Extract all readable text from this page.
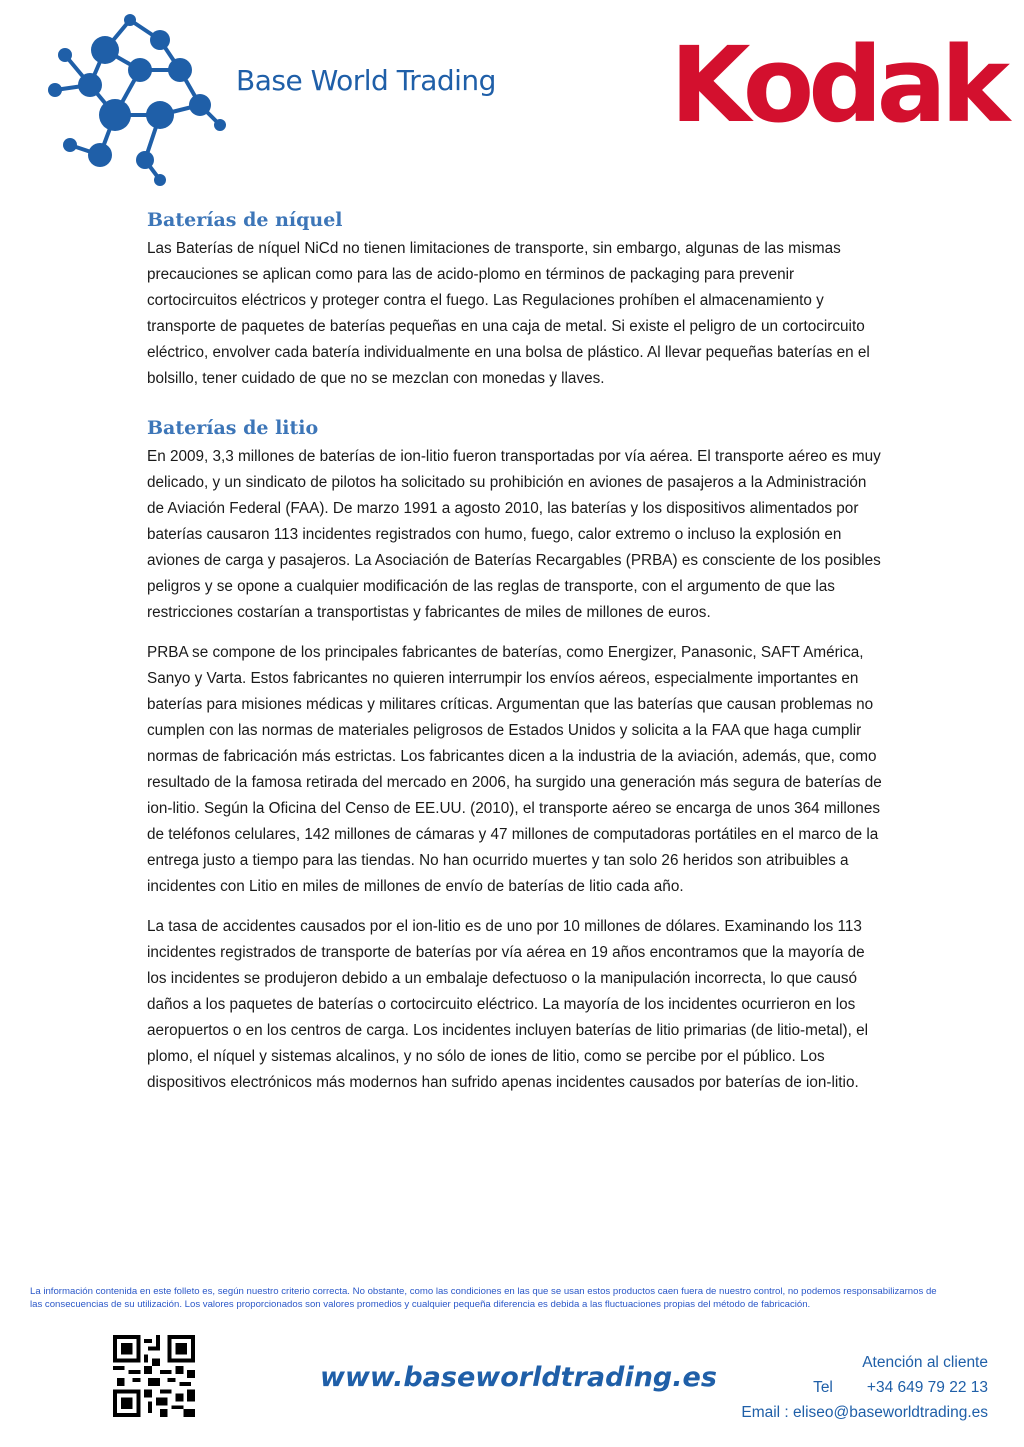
Base World Trading Kodak
Baterías de níquel

Las Baterías de níquel NiCd no tienen limitaciones de transporte, sin embargo, algunas de las mismas precauciones se aplican como para las de acido-plomo en términos de packaging para prevenir cortocircuitos eléctricos y proteger contra el fuego. Las Regulaciones prohíben el almacenamiento y transporte de paquetes de baterías pequeñas en una caja de metal. Si existe el peligro de un cortocircuito eléctrico, envolver cada batería individualmente en una bolsa de plástico. Al llevar pequeñas baterías en el bolsillo, tener cuidado de que no se mezclan con monedas y llaves.

Baterías de litio

En 2009, 3,3 millones de baterías de ion-litio fueron transportadas por vía aérea. El transporte aéreo es muy delicado, y un sindicato de pilotos ha solicitado su prohibición en aviones de pasajeros a la Administración de Aviación Federal (FAA). De marzo 1991 a agosto 2010, las baterías y los dispositivos alimentados por baterías causaron 113 incidentes registrados con humo, fuego, calor extremo o incluso la explosión en aviones de carga y pasajeros. La Asociación de Baterías Recargables (PRBA) es consciente de los posibles peligros y se opone a cualquier modificación de las reglas de transporte, con el argumento de que las restricciones costarían a transportistas y fabricantes de miles de millones de euros.

PRBA se compone de los principales fabricantes de baterías, como Energizer, Panasonic, SAFT América, Sanyo y Varta. Estos fabricantes no quieren interrumpir los envíos aéreos, especialmente importantes en baterías para misiones médicas y militares críticas. Argumentan que las baterías que causan problemas no cumplen con las normas de materiales peligrosos de Estados Unidos y solicita a la FAA que haga cumplir normas de fabricación más estrictas. Los fabricantes dicen a la industria de la aviación, además, que, como resultado de la famosa retirada del mercado en 2006, ha surgido una generación más segura de baterías de ion-litio. Según la Oficina del Censo de EE.UU. (2010), el transporte aéreo se encarga de unos 364 millones de teléfonos celulares, 142 millones de cámaras y 47 millones de computadoras portátiles en el marco de la entrega justo a tiempo para las tiendas. No han ocurrido muertes y tan solo 26 heridos son atribuibles a incidentes con Litio en miles de millones de envío de baterías de litio cada año.

La tasa de accidentes causados por el ion-litio es de uno por 10 millones de dólares. Examinando los 113 incidentes registrados de transporte de baterías por vía aérea en 19 años encontramos que la mayoría de los incidentes se produjeron debido a un embalaje defectuoso o la manipulación incorrecta, lo que causó daños a los paquetes de baterías o cortocircuito eléctrico. La mayoría de los incidentes ocurrieron en los aeropuertos o en los centros de carga. Los incidentes incluyen baterías de litio primarias (de litio-metal), el plomo, el níquel y sistemas alcalinos, y no sólo de iones de litio, como se percibe por el público. Los dispositivos electrónicos más modernos han sufrido apenas incidentes causados por baterías de ion-litio.

La información contenida en este folleto es, según nuestro criterio correcta. No obstante, como las condiciones en las que se usan estos productos caen fuera de nuestro control, no podemos responsabilizarnos de
las consecuencias de su utilización. Los valores proporcionados son valores promedios y cualquier pequeña diferencia es debida a las fluctuaciones propias del método de fabricación.
www.baseworldtrading.es	Atención al cliente
Tel +34 649 79 22 13
Email : eliseo@baseworldtrading.es
